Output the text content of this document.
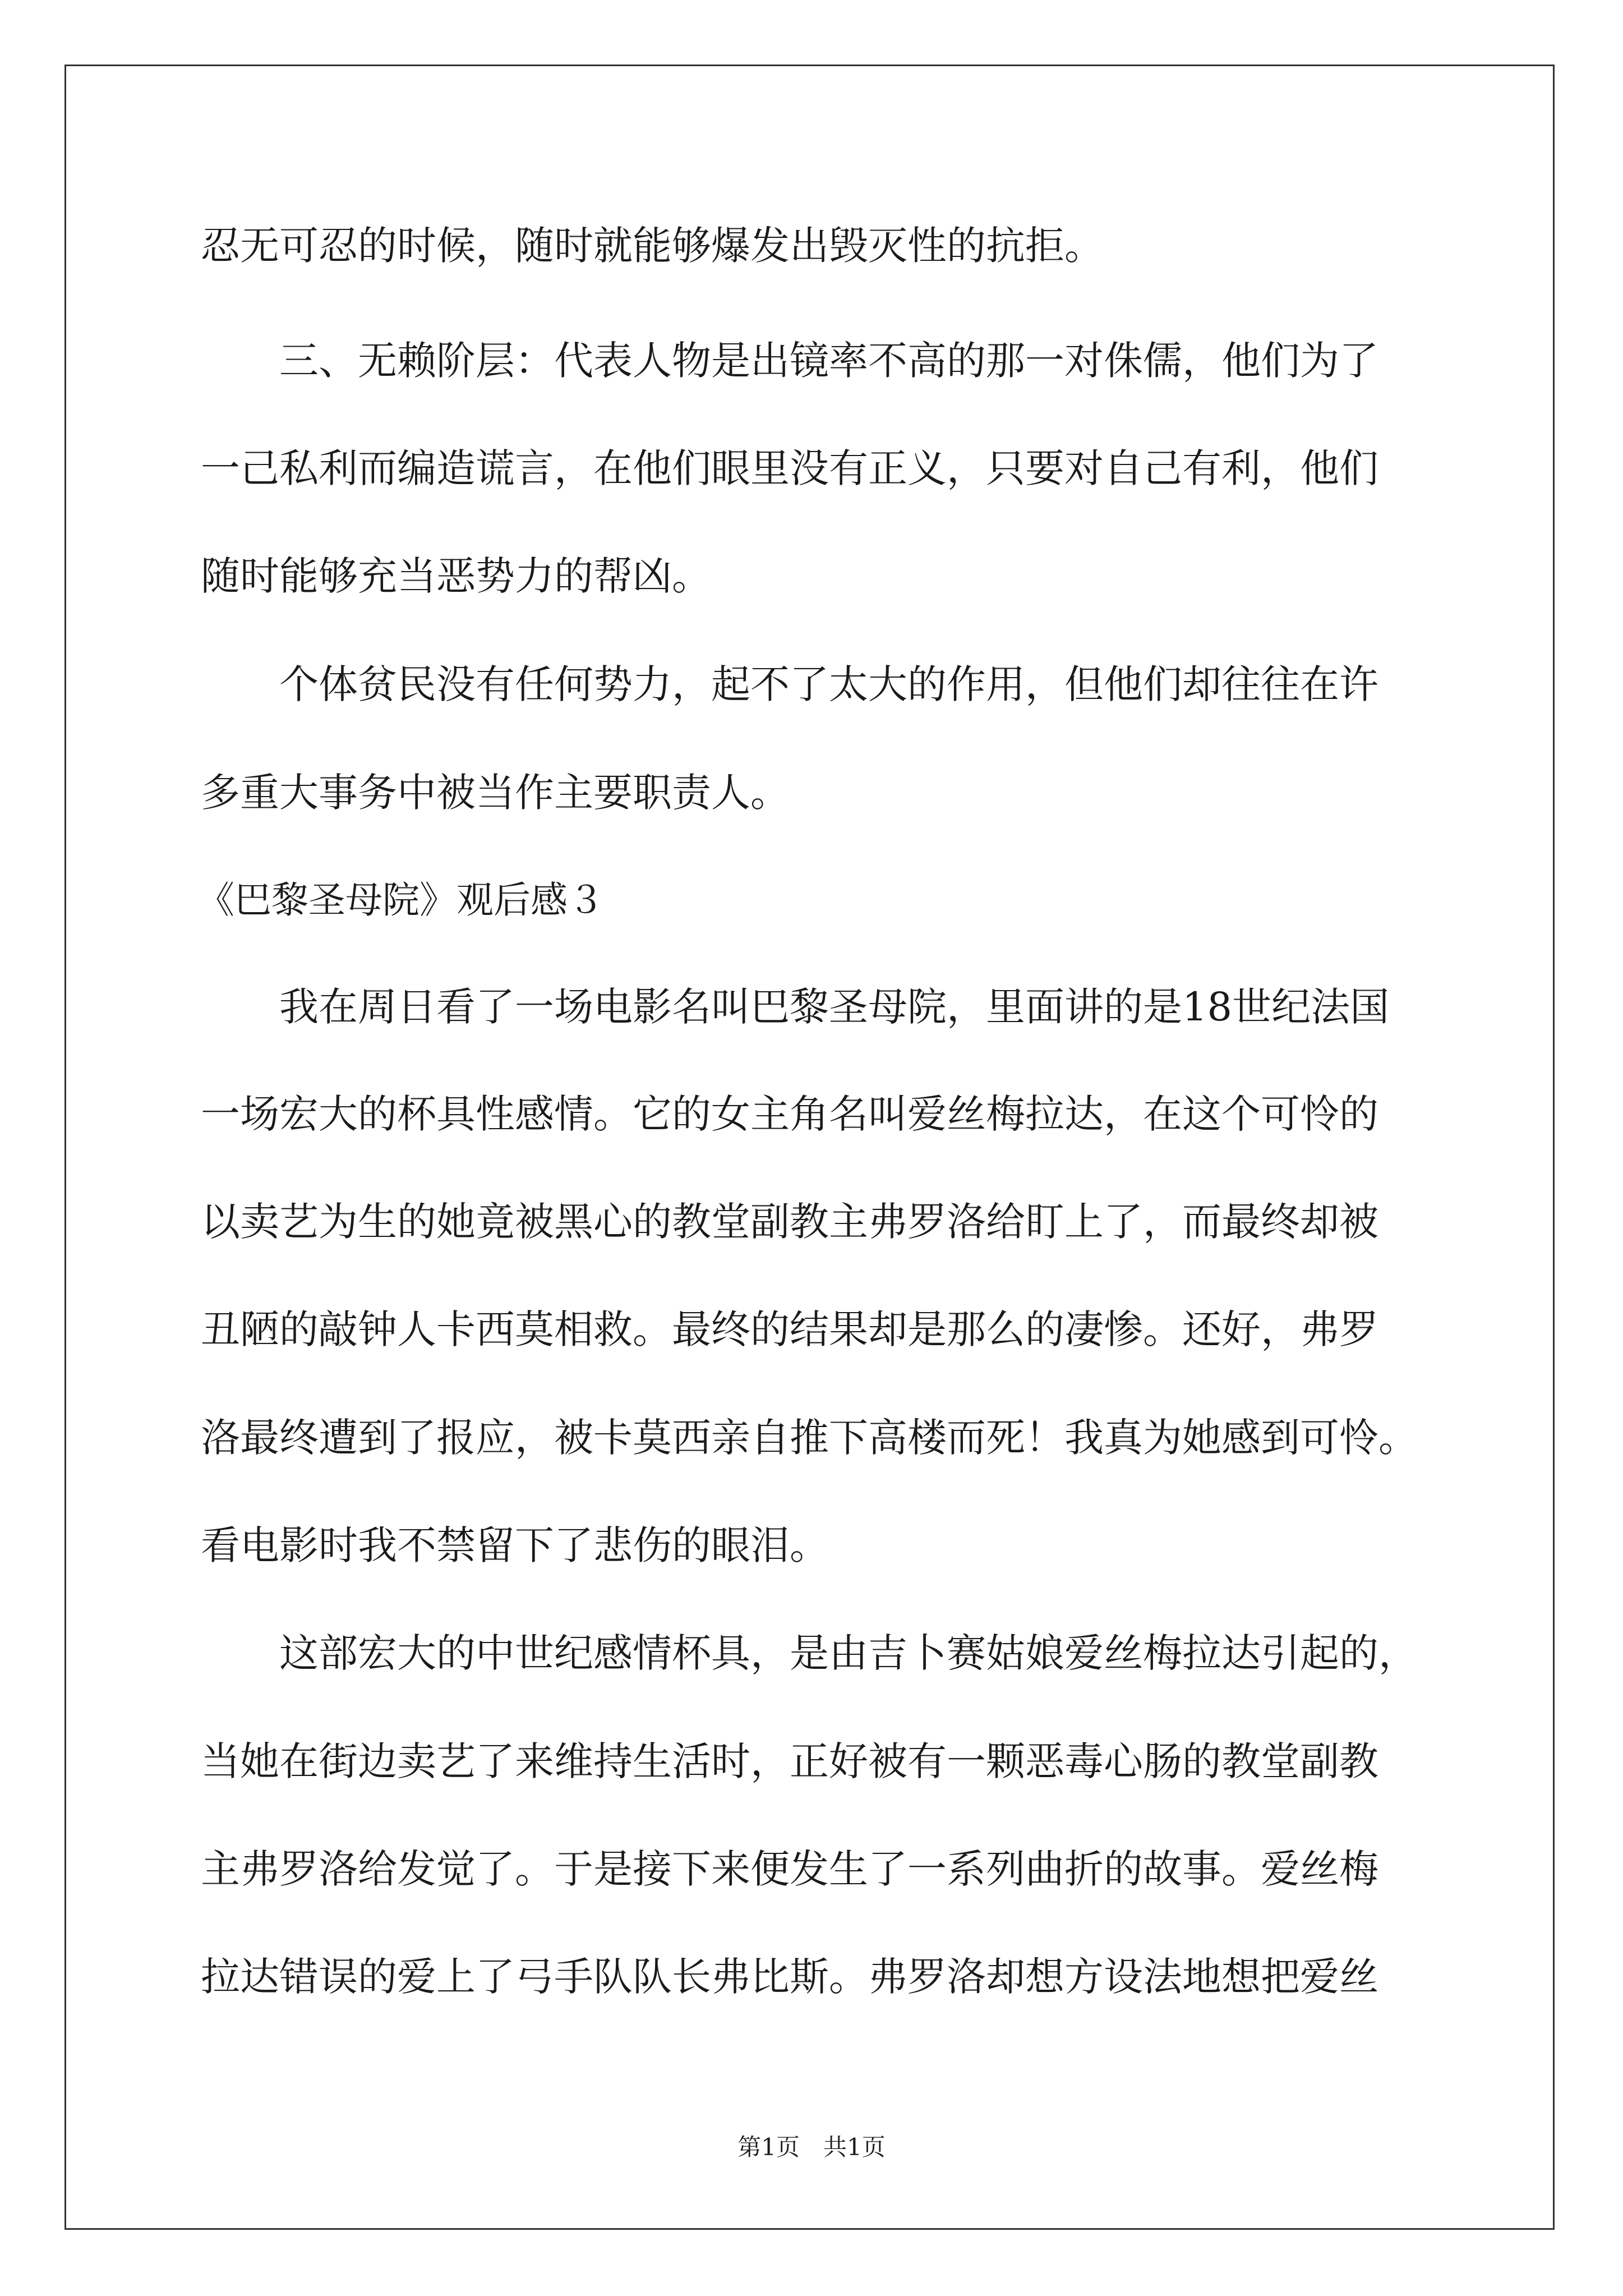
忍无可忍的时候，随时就能够爆发出毁灭性的抗拒。
三、无赖阶层：代表人物是出镜率不高的那一对侏儒，他们为了
一己私利而编造谎言，在他们眼里没有正义，只要对自己有利，他们
随时能够充当恶势力的帮凶。
个体贫民没有任何势力，起不了太大的作用，但他们却往往在许
多重大事务中被当作主要职责人。
《巴黎圣母院》观后感３
我在周日看了一场电影名叫巴黎圣母院，里面讲的是18世纪法国
一场宏大的杯具性感情。它的女主角名叫爱丝梅拉达，在这个可怜的
以卖艺为生的她竟被黑心的教堂副教主弗罗洛给盯上了，而最终却被
丑陋的敲钟人卡西莫相救。最终的结果却是那么的凄惨。还好，弗罗
洛最终遭到了报应，被卡莫西亲自推下高楼而死！我真为她感到可怜。
看电影时我不禁留下了悲伤的眼泪。
这部宏大的中世纪感情杯具，是由吉卜赛姑娘爱丝梅拉达引起的，
当她在街边卖艺了来维持生活时，正好被有一颗恶毒心肠的教堂副教
主弗罗洛给发觉了。于是接下来便发生了一系列曲折的故事。爱丝梅
拉达错误的爱上了弓手队队长弗比斯。弗罗洛却想方设法地想把爱丝
第1页　共1页
